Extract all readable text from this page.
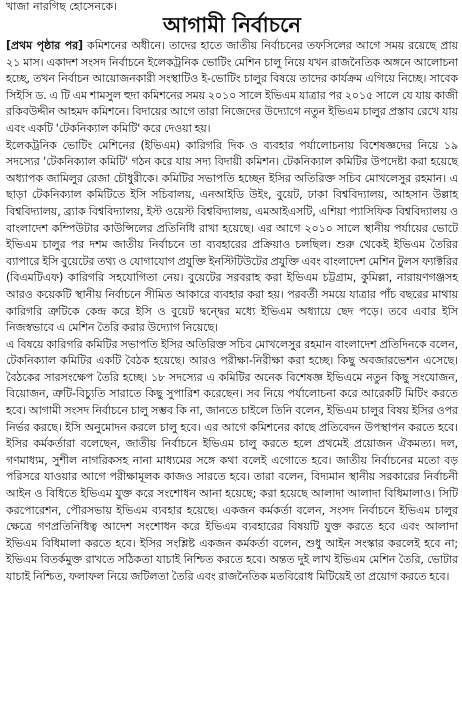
খাজা নারগিছ হোসেনকে।
আগামী নির্বাচনে

[প্রথম পৃষ্ঠার পর] কমিশনের অধীনে। তাদের হাতে জাতীয় নির্বাচনের তফসিলের আগে সময় রয়েছে প্রায় ২১ মাস। একাদশ সংসদ নির্বাচনে ইলেকট্রনিক ভোটিং মেশিন চালু নিয়ে যখন রাজনৈতিক অঙ্গনে আলোচনা হচ্ছে, তখন নির্বাচন আয়োজনকারী সংস্থাটিও ই-ভোটিং চালুর বিষয়ে তাদের কার্যক্রম এগিয়ে নিচ্ছে। সাবেক সিইসি ড. এ টি এম শামসুল হুদা কমিশনের সময় ২০১০ সালে ইভিএম যাত্রার পর ২০১৫ সালে যে যায় কাজী রকিবউদ্দীন আহমদ কমিশনে। বিদায়ের আগে তারা নিজেদের উদ্যোগে নতুন ইভিএম চালুর প্রস্তাব রেখে যায় এবং একটি 'টেকনিক্যাল কমিটি' করে দেওয়া হয়।

ইলেকট্রনিক ভোটিং মেশিনের (ইভিএম) কারিগরি দিক ও ব্যবহার পর্যালোচনায় বিশেষজ্ঞদের নিয়ে ১৯ সদস্যের 'টেকনিক্যাল কমিটি' গঠন করে যায় সদ্য বিদায়ী কমিশন। টেকনিক্যাল কমিটির উপদেষ্টা করা হয়েছে অধ্যাপক জামিলুর রেজা চৌধুরীকে। কমিটির সভাপতি হচ্ছেন ইসির অতিরিক্ত সচিব মোখলেসুর রহমান। এ ছাড়া টেকনিক্যাল কমিটিতে ইসি সচিবালয়, এনআইডি উইং, বুয়েট, ঢাকা বিশ্ববিদ্যালয়, আহসান উল্লাহ বিশ্ববিদ্যালয়, ব্র্যাক বিশ্ববিদ্যালয়, ইস্ট ওয়েস্ট বিশ্ববিদ্যালয়, এমআইএসটি, এশিয়া প্যাসিফিক বিশ্ববিদ্যালয় ও বাংলাদেশ কম্পিউটার কাউন্সিলের প্রতিনিধি রাখা হয়েছে। এর আগে ২০১০ সালে স্থানীয় পর্যায়ের ভোটে ইভিএম চালুর পর দশম জাতীয় নির্বাচনে তা ব্যবহারের প্রক্রিয়াও চলছিল। শুরু থেকেই ইভিএম তৈরির ব্যাপারে ইসি বুয়েটের তথ্য ও যোগাযোগ প্রযুক্তি ইনস্টিটিউটের প্রযুক্তি এবং বাংলাদেশ মেশিন টুলস ফ্যাক্টরির (বিএমটিএফ) কারিগরি সহযোগিতা নেয়। বুয়েটের সরবরাহ করা ইভিএম চট্টগ্রাম, কুমিল্লা, নারায়ণগঞ্জসহ আরও কয়েকটি স্থানীয় নির্বাচনে সীমিত আকারে ব্যবহার করা হয়। পরবর্তী সময়ে যাত্রার পাঁচ বছরের মাথায় কারিগরি ত্রুটিকে কেন্দ্র করে ইসি ও বুয়েট দ্বন্দ্বের মধ্যে ইভিএম অধ্যায়ে ছেদ পড়ে। তবে এবার ইসি নিজস্বভাবে এ মেশিন তৈরি করার উদ্যোগ নিয়েছে।

এ বিষয়ে কারিগরি কমিটির সভাপতি ইসির অতিরিক্ত সচিব মোখলেসুর রহমান বাংলাদেশ প্রতিদিনকে বলেন, টেকনিক্যাল কমিটির একটি বৈঠক হয়েছে। আরও পরীক্ষা-নিরীক্ষা করা হচ্ছে। কিছু অবজারভেশন এসেছে। বৈঠকের সারসংক্ষেপ তৈরি হচ্ছে। ১৮ সদস্যের এ কমিটির অনেক বিশেষজ্ঞ ইভিএমে নতুন কিছু সংযোজন, বিয়োজন, ত্রুটি-বিচ্যুতি সারাতে কিছু সুপারিশ করেছেন। সব নিয়ে পর্যালোচনা করে আরেকটি মিটিং করতে হবে। আগামী সংসদ নির্বাচনে চালু সম্ভব কি না, জানতে চাইলে তিনি বলেন, ইভিএম চালুর বিষয় ইসির ওপর নির্ভর করছে। ইসি অনুমোদন করলে চালু হবে। এর আগে কমিশনের কাছে প্রতিবেদন উপস্থাপন করতে হবে। ইসির কর্মকর্তারা বলেছেন, জাতীয় নির্বাচনে ইভিএম চালু করতে হলে প্রথমেই প্রয়োজন ঐকমত্য। দল, গণমাধ্যম, সুশীল নাগরিকসহ নানা মাধ্যমের সঙ্গে কথা বলেই এগোতে হবে। জাতীয় নির্বাচনের মতো বড় পরিসরে যাওয়ার আগে পরীক্ষামূলক কাজও সারতে হবে। তারা বলেন, বিদ্যমান স্থানীয় সরকারের নির্বাচনী আইন ও বিধিতে ইভিএম যুক্ত করে সংশোধন আনা হয়েছে; করা হয়েছে আলাদা আলাদা বিধিমালাও। সিটি করপোরেশন, পৌরসভায় ইভিএম ব্যবহার হয়েছে। একজন কর্মকর্তা বলেন, সংসদ নির্বাচনে ইভিএম চালুর ক্ষেত্রে গণপ্রতিনিধিত্ব আদেশ সংশোধন করে ইভিএম ব্যবহারের বিষয়টি যুক্ত করতে হবে এবং আলাদা ইভিএম বিধিমালা করতে হবে। ইসির সংশ্লিষ্ট একজন কর্মকর্তা বলেন, শুধু আইন সংস্কার করলেই হবে না; ইভিএম বিতর্কমুক্ত রাখতে সঠিকতা যাচাই নিশ্চিত করতে হবে। অন্তত দুই লাখ ইভিএম মেশিন তৈরি, ভোটার যাচাই নিশ্চিত, ফলাফল নিয়ে জটিলতা তৈরি এবং রাজনৈতিক মতবিরোধ মিটিয়েই তা প্রয়োগ করতে হবে।
